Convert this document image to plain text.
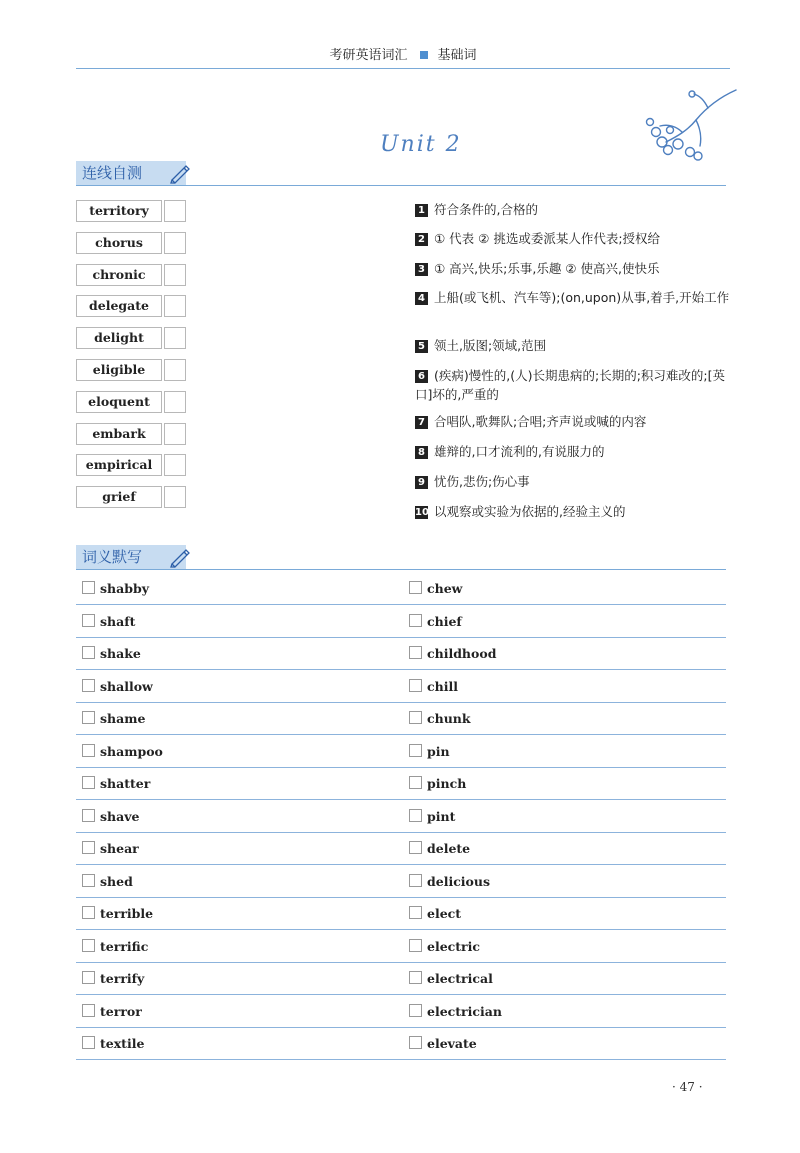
考研英语词汇 基础词
Unit 2
连线自测
territory
chorus
chronic
delegate
delight
eligible
eloquent
embark
empirical
grief
1 符合条件的,合格的
2 ① 代表 ② 挑选或委派某人作代表;授权给
3 ① 高兴,快乐;乐事,乐趣 ② 使高兴,使快乐
4 上船(或飞机、汽车等);(on,upon)从事,着手,开始工作
5 领土,版图;领域,范围
6 (疾病)慢性的,(人)长期患病的;长期的;积习难改的;[英口]坏的,严重的
7 合唱队,歌舞队;合唱;齐声说或喊的内容
8 雄辩的,口才流利的,有说服力的
9 忧伤,悲伤;伤心事
10 以观察或实验为依据的,经验主义的
词义默写
shabby	chew
shaft	chief
shake	childhood
shallow	chill
shame	chunk
shampoo	pin
shatter	pinch
shave	pint
shear	delete
shed	delicious
terrible	elect
terrific	electric
terrify	electrical
terror	electrician
textile	elevate
· 47 ·
